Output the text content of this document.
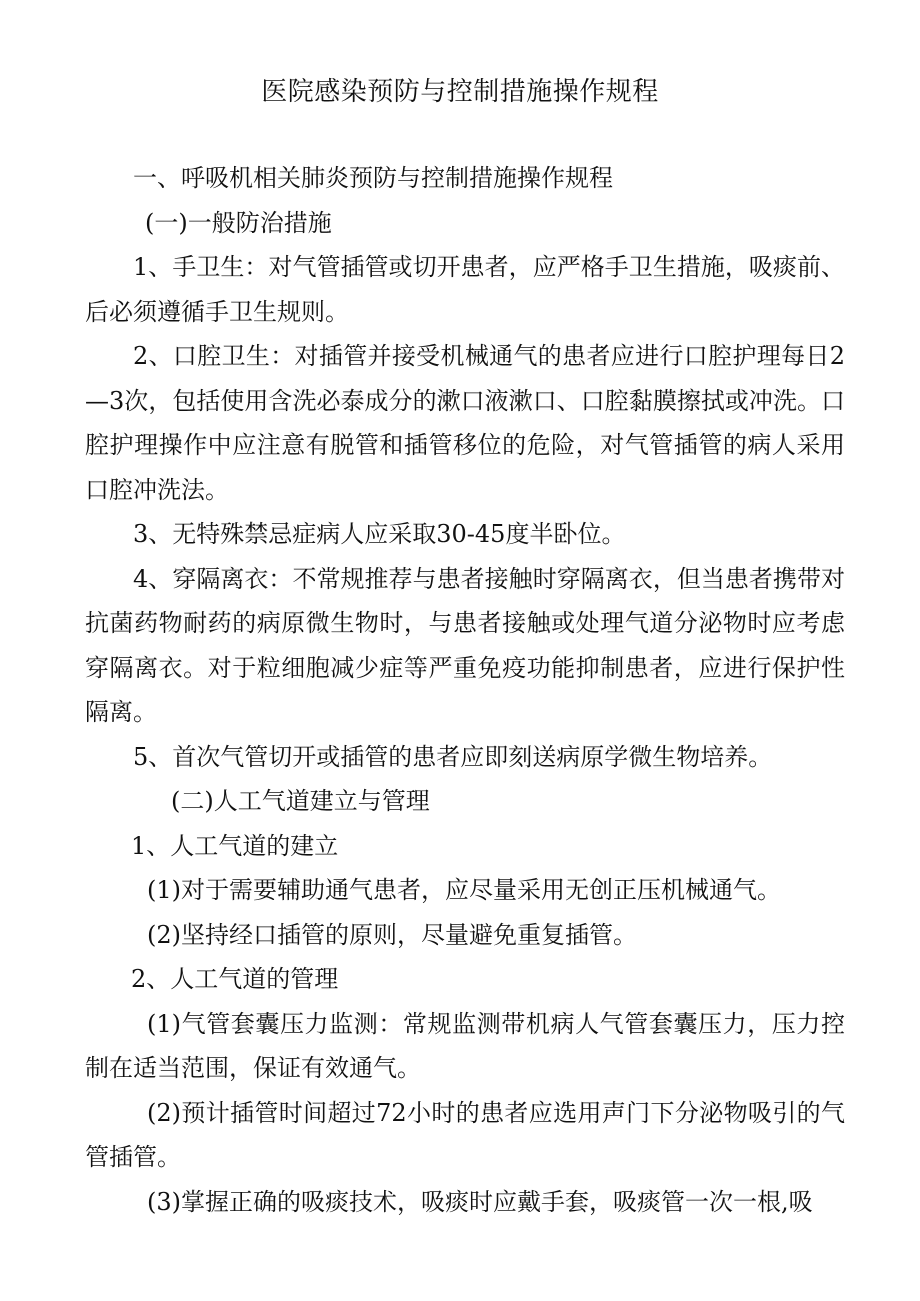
医院感染预防与控制措施操作规程

一、呼吸机相关肺炎预防与控制措施操作规程

(一)一般防治措施

1、手卫生：对气管插管或切开患者，应严格手卫生措施，吸痰前、后必须遵循手卫生规则。

2、口腔卫生：对插管并接受机械通气的患者应进行口腔护理每日2—3次，包括使用含洗必泰成分的漱口液漱口、口腔黏膜擦拭或冲洗。口腔护理操作中应注意有脱管和插管移位的危险，对气管插管的病人采用口腔冲洗法。

3、无特殊禁忌症病人应采取30-45度半卧位。

4、穿隔离衣：不常规推荐与患者接触时穿隔离衣，但当患者携带对抗菌药物耐药的病原微生物时，与患者接触或处理气道分泌物时应考虑穿隔离衣。对于粒细胞减少症等严重免疫功能抑制患者，应进行保护性隔离。

5、首次气管切开或插管的患者应即刻送病原学微生物培养。

(二)人工气道建立与管理

1、人工气道的建立

(1)对于需要辅助通气患者，应尽量采用无创正压机械通气。

(2)坚持经口插管的原则，尽量避免重复插管。

2、人工气道的管理

(1)气管套囊压力监测：常规监测带机病人气管套囊压力，压力控制在适当范围，保证有效通气。

(2)预计插管时间超过72小时的患者应选用声门下分泌物吸引的气管插管。

(3)掌握正确的吸痰技术，吸痰时应戴手套，吸痰管一次一根,吸
